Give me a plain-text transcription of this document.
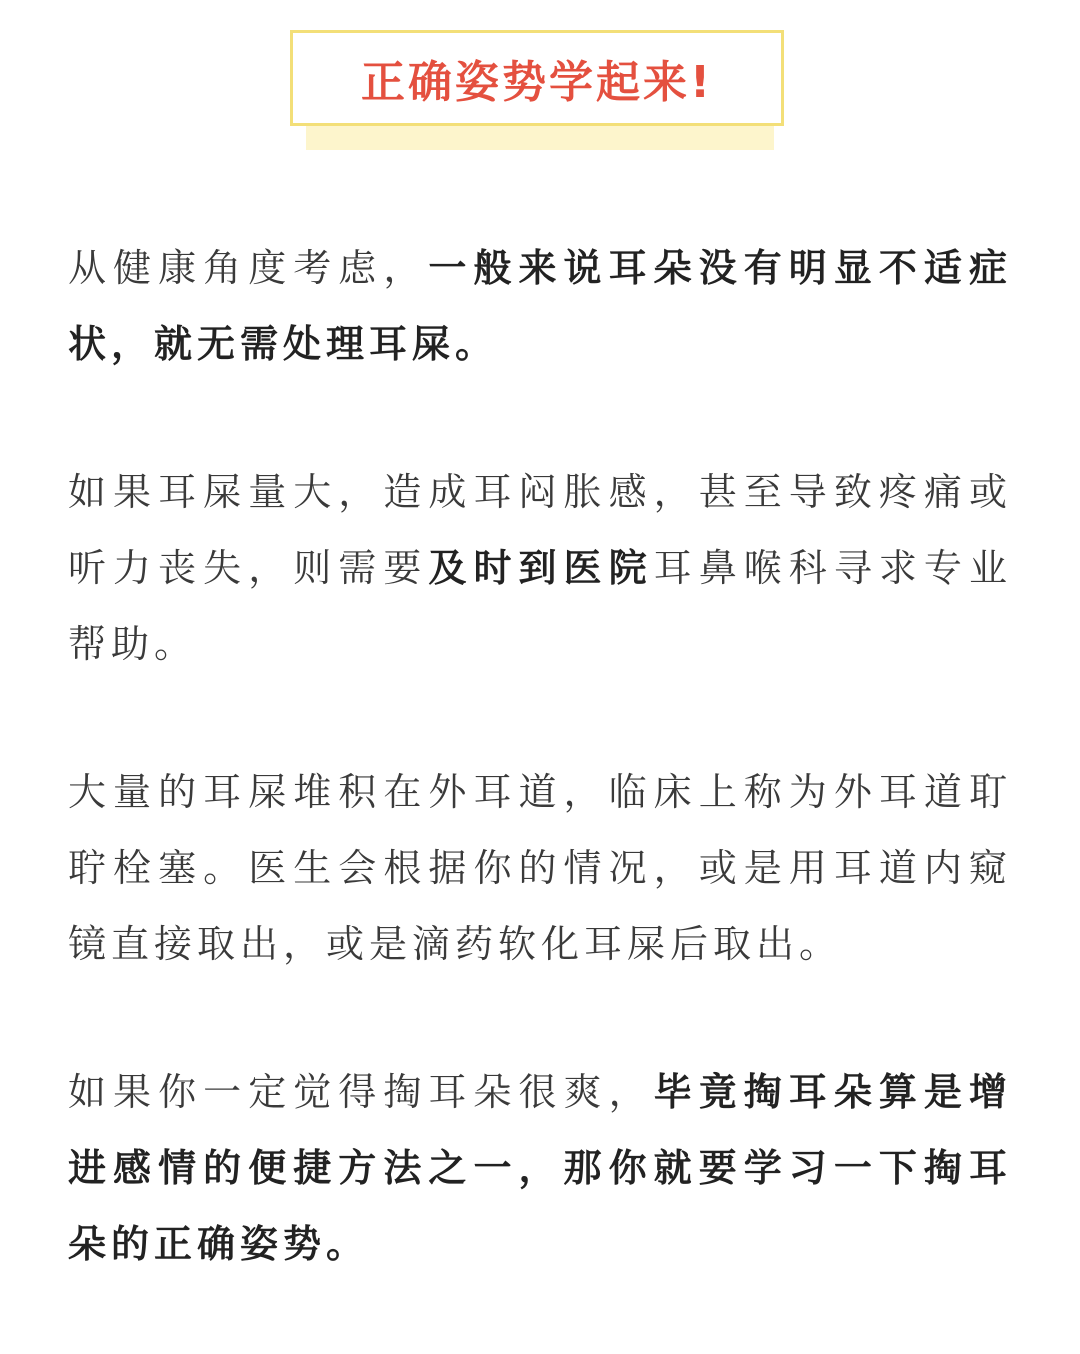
正确姿势学起来!

从健康角度考虑，一般来说耳朵没有明显不适症状，就无需处理耳屎。

如果耳屎量大，造成耳闷胀感，甚至导致疼痛或听力丧失，则需要及时到医院耳鼻喉科寻求专业帮助。

大量的耳屎堆积在外耳道，临床上称为外耳道耵聍栓塞。医生会根据你的情况，或是用耳道内窥镜直接取出，或是滴药软化耳屎后取出。

如果你一定觉得掏耳朵很爽，毕竟掏耳朵算是增进感情的便捷方法之一，那你就要学习一下掏耳朵的正确姿势。
